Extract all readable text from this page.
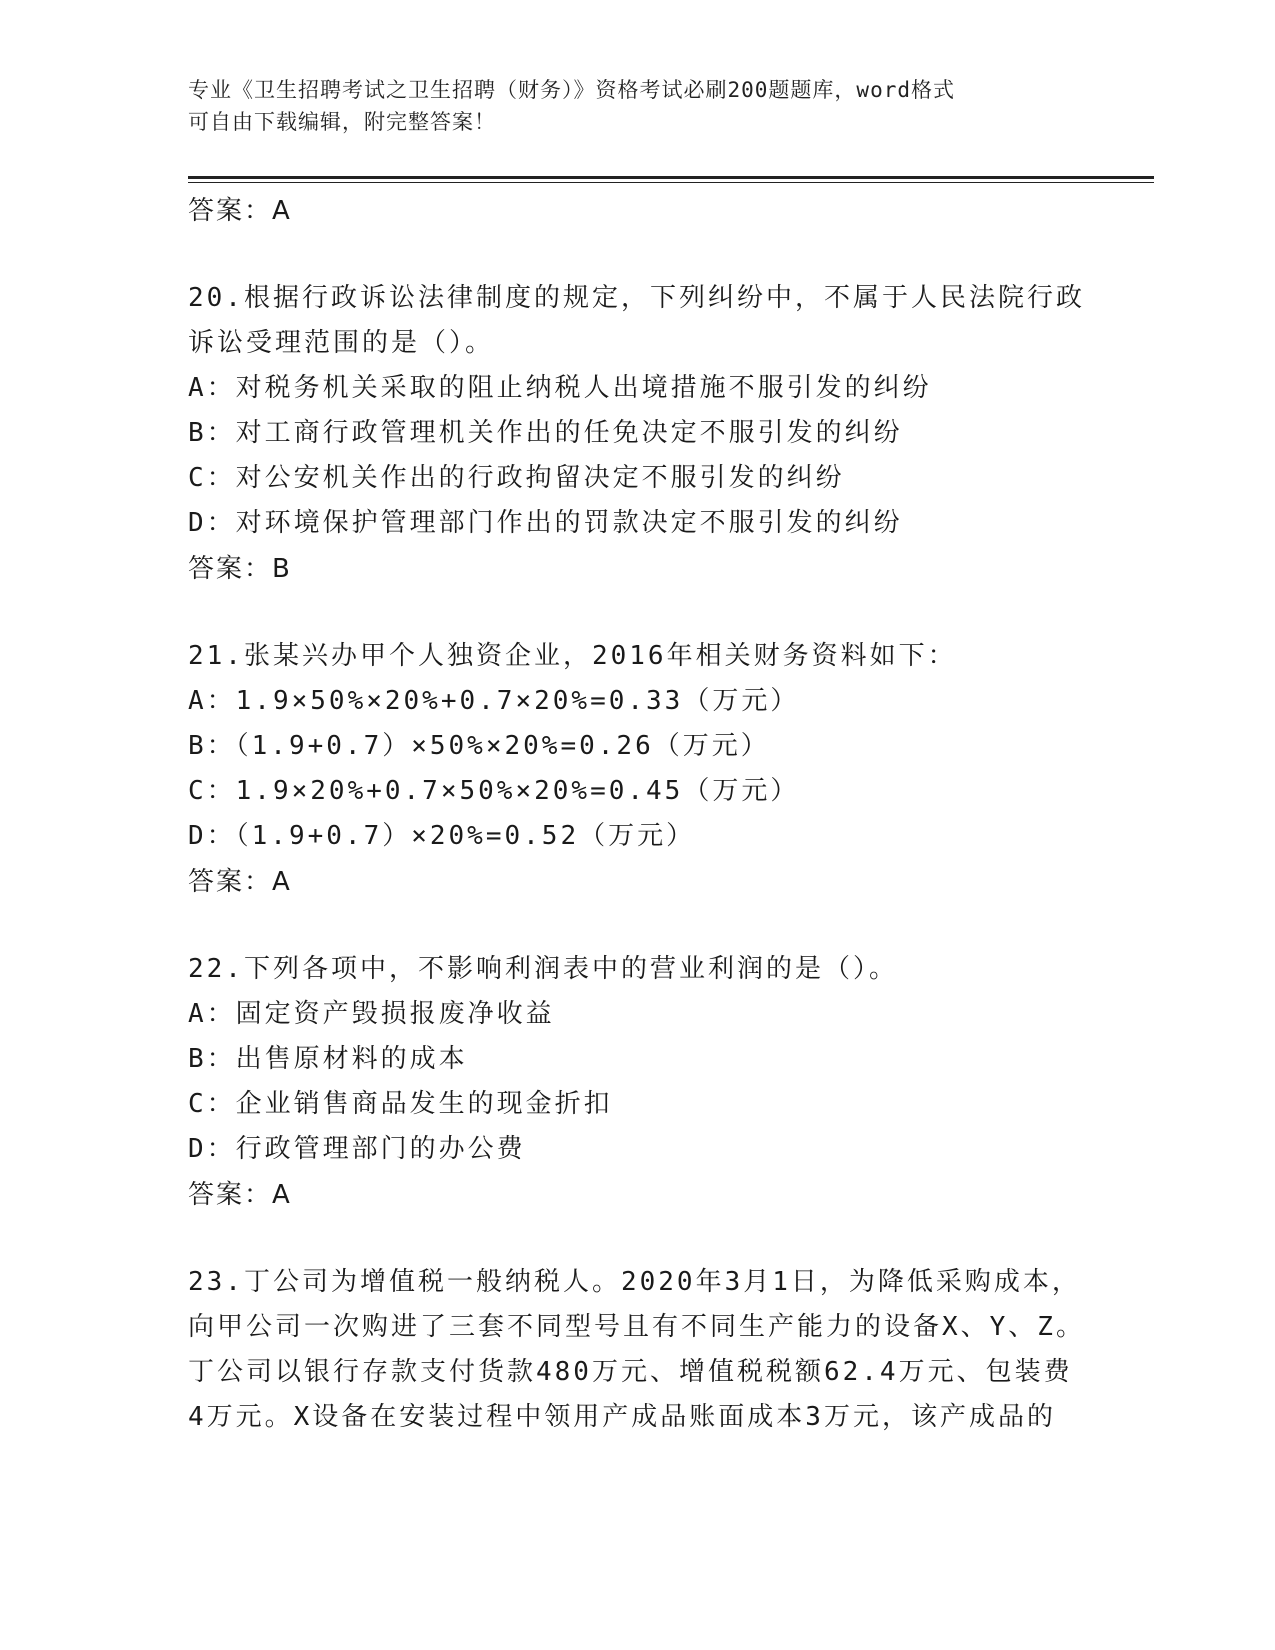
专业《卫生招聘考试之卫生招聘（财务）》资格考试必刷200题题库，word格式
可自由下载编辑，附完整答案！
答案：A
20.根据行政诉讼法律制度的规定，下列纠纷中，不属于人民法院行政
诉讼受理范围的是（）。
A：对税务机关采取的阻止纳税人出境措施不服引发的纠纷
B：对工商行政管理机关作出的任免决定不服引发的纠纷
C：对公安机关作出的行政拘留决定不服引发的纠纷
D：对环境保护管理部门作出的罚款决定不服引发的纠纷
答案：B
21.张某兴办甲个人独资企业，2016年相关财务资料如下：
A：1.9×50%×20%+0.7×20%=0.33（万元）
B：（1.9+0.7）×50%×20%=0.26（万元）
C：1.9×20%+0.7×50%×20%=0.45（万元）
D：（1.9+0.7）×20%=0.52（万元）
答案：A
22.下列各项中，不影响利润表中的营业利润的是（）。
A：固定资产毁损报废净收益
B：出售原材料的成本
C：企业销售商品发生的现金折扣
D：行政管理部门的办公费
答案：A
23.丁公司为增值税一般纳税人。2020年3月1日，为降低采购成本，
向甲公司一次购进了三套不同型号且有不同生产能力的设备X、Y、Z。
丁公司以银行存款支付货款480万元、增值税税额62.4万元、包装费
4万元。X设备在安装过程中领用产成品账面成本3万元，该产成品的
